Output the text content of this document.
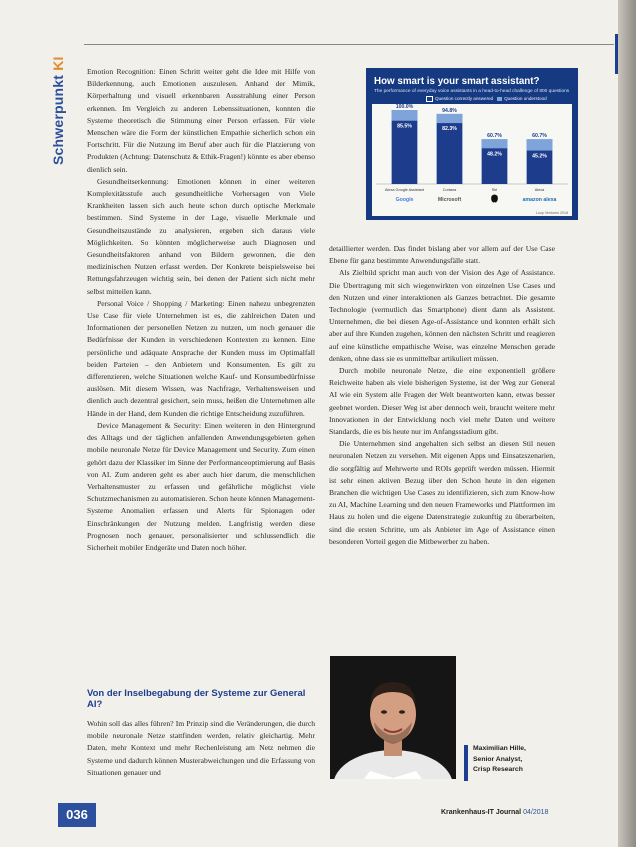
Schwerpunkt KI

Emotion Recognition: Einen Schritt weiter geht die Idee mit Hilfe von Bilderkennung, auch Emotionen auszulesen. Anhand der Mimik, Körperhaltung und visuell erkennbaren Ausstrahlung einer Person erkennen. Im Vergleich zu anderen Lebenssituationen, konnten die Systeme theoretisch die Stimmung einer Person erfassen. Für viele Menschen wäre die Form der künstlichen Empathie sicherlich schon ein Fortschritt. Für die Nutzung im Beruf aber auch für die Platzierung von Produkten (Achtung: Datenschutz & Ethik-Fragen!) könnte es aber ebenso dienlich sein.

Gesundheitserkennung: Emotionen können in einer weiteren Komplexitätsstufe auch gesundheitliche Vorhersagen von Viele Krankheiten lassen sich auch heute schon durch optische Merkmale bestimmen. Sind Systeme in der Lage, visuelle Merkmale und Gesundheitszustände zu analysieren, ergeben sich daraus viele Möglichkeiten. So könnten möglicherweise auch Diagnosen und Gesundheitsfaktoren anhand von Bildern gewonnen, die den medizinischen Nutzen erfasst werden. Der Konkrete beispielsweise bei Rettungsfahrzeugen wichtig sein, bei denen der Patient sich nicht mehr selbst mitteilen kann.

Personal Voice / Shopping / Marketing: Einen nahezu unbegrenzten Use Case für viele Unternehmen ist es, die zahlreichen Daten und Informationen der personellen Netzen zu nutzen, um noch genauer die Bedürfnisse der Kunden in verschiedenen Kontexten zu kennen. Eine persönliche und adäquate Ansprache der Kunden muss im Optimalfall beiden Parteien – den Anbietern und Konsumenten. Es gilt zu differenzieren, welche Situationen welche Kauf- und Konsumbedürfnisse auslösen. Mit diesem Wissen, was Nachfrage, Verhaltensweisen und dienlich auch dezentral gesichert, sein muss, heißen die Unternehmen alle Hände in der Hand, dem Kunden die richtige Entscheidung zuzuführen.

Device Management & Security: Einen weiteren in den Hintergrund des Alltags und der täglichen anfallenden Anwendungsgebieten gehen mobile neuronale Netze für Device Management und Security. Zum einen gehört dazu der Klassiker im Sinne der Performanceoptimierung auf Basis von AI. Zum anderen geht es aber auch hier darum, die menschlichen Verhaltensmuster zu erfassen und gefährliche möglichst viele Schutzmechanismen zu automatisieren. Schon heute können Management-Systeme Anomalien erfassen und Alerts für Spionagen oder Einschränkungen der Nutzung melden. Langfristig werden diese Prognosen noch genauer, personalisierter und schlussendlich die Sicherheit mobiler Endgeräte und Daten noch höher.

Von der Inselbegabung der Systeme zur General AI?

Wohin soll das alles führen? Im Prinzip sind die Veränderungen, die durch mobile neuronale Netze stattfinden werden, relativ gleichartig. Mehr Daten, mehr Kontext und mehr Rechenleistung am Netz nehmen die Systeme und dadurch können Musterabweichungen und die Erfassung von Situationen genauer und

How smart is your smart assistant?
The performance of everyday voice assistants in a head-to-head challenge of 800 questions
Question correctly answered Question understood
100.0%
85.5%
Alexa Google Assistant
Google
94.8%
82.3%
Cortana
Microsoft
60.7%
48.2%
Siri
60.7%
45.2%
Alexa
amazon alexa
Loup Ventures 2018

detaillierter werden. Das findet bislang aber vor allem auf der Use Case Ebene für ganz bestimmte Anwendungsfälle statt.

Als Zielbild spricht man auch von der Vision des Age of Assistance. Die Übertragung mit sich wiegenwirkten von einzelnen Use Cases und den Nutzen und einer interaktionen als Ganzes betrachtet. Die gesamte Technologie (vermutlich das Smartphone) dient dann als Assistent. Unternehmen, die bei diesen Age-of-Assistance und konnten erhält sich aber auf ihre Kunden zugehen, können den nächsten Schritt und reagieren auf eine künstliche empathische Weise, was einzelne Menschen gerade denken, ohne dass sie es unmittelbar artikuliert müssen.

Durch mobile neuronale Netze, die eine exponentiell größere Reichweite haben als viele bisherigen Systeme, ist der Weg zur General AI wie ein System alle Fragen der Welt beantworten kann, etwas besser geebnet worden. Dieser Weg ist aber dennoch weit, braucht weitere mehr Innovationen in der Entwicklung noch viel mehr Daten und weitere Standards, die es bis heute nur im Anfangsstadium gibt.

Die Unternehmen sind angehalten sich selbst an diesen Stil neuen neuronalen Netzen zu versehen. Mit eigenen Apps und Einsatzszenarien, die sorgfältig auf Mehrwerte und ROIs geprüft werden müssen. Hiermit ist sehr einen aktiven Bezug über den Schon heute in den eigenen Branchen die wichtigen Use Cases zu identifizieren, sich zum Know-how zu AI, Machine Learning und den neuen Frameworks und Plattformen im Haus zu holen und die eigene Datenstrategie zukunftig zu überarbeiten, sind die ersten Schritte, um als Anbieter im Age of Assistance einen besonderen Vorteil gegen die Mitbewerber zu haben.

Maximilian Hille,
Senior Analyst,
Crisp Research
036	Krankenhaus-IT Journal 04/2018
